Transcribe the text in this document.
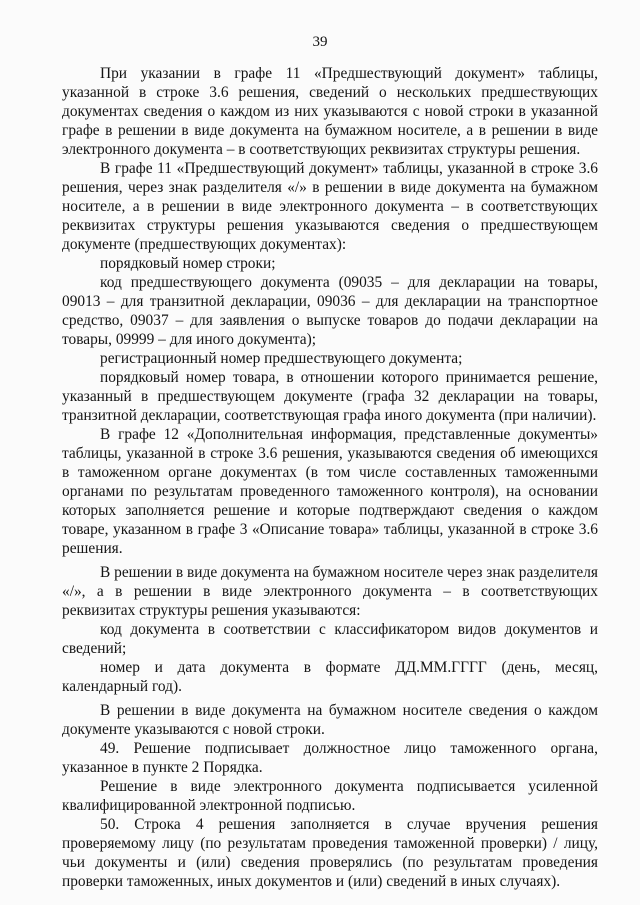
39

При указании в графе 11 «Предшествующий документ» таблицы, указанной в строке 3.6 решения, сведений о нескольких предшествующих документах сведения о каждом из них указываются с новой строки в указанной графе в решении в виде документа на бумажном носителе, а в решении в виде электронного документа – в соответствующих реквизитах структуры решения.

В графе 11 «Предшествующий документ» таблицы, указанной в строке 3.6 решения, через знак разделителя «/» в решении в виде документа на бумажном носителе, а в решении в виде электронного документа – в соответствующих реквизитах структуры решения указываются сведения о предшествующем документе (предшествующих документах):

порядковый номер строки;

код предшествующего документа (09035 – для декларации на товары, 09013 – для транзитной декларации, 09036 – для декларации на транспортное средство, 09037 – для заявления о выпуске товаров до подачи декларации на товары, 09999 – для иного документа);

регистрационный номер предшествующего документа;

порядковый номер товара, в отношении которого принимается решение, указанный в предшествующем документе (графа 32 декларации на товары, транзитной декларации, соответствующая графа иного документа (при наличии).

В графе 12 «Дополнительная информация, представленные документы» таблицы, указанной в строке 3.6 решения, указываются сведения об имеющихся в таможенном органе документах (в том числе составленных таможенными органами по результатам проведенного таможенного контроля), на основании которых заполняется решение и которые подтверждают сведения о каждом товаре, указанном в графе 3 «Описание товара» таблицы, указанной в строке 3.6 решения.

В решении в виде документа на бумажном носителе через знак разделителя «/», а в решении в виде электронного документа – в соответствующих реквизитах структуры решения указываются:

код документа в соответствии с классификатором видов документов и сведений;

номер и дата документа в формате ДД.ММ.ГГГГ (день, месяц, календарный год).

В решении в виде документа на бумажном носителе сведения о каждом документе указываются с новой строки.

49. Решение подписывает должностное лицо таможенного органа, указанное в пункте 2 Порядка.

Решение в виде электронного документа подписывается усиленной квалифицированной электронной подписью.

50. Строка 4 решения заполняется в случае вручения решения проверяемому лицу (по результатам проведения таможенной проверки) / лицу, чьи документы и (или) сведения проверялись (по результатам проведения проверки таможенных, иных документов и (или) сведений в иных случаях).
